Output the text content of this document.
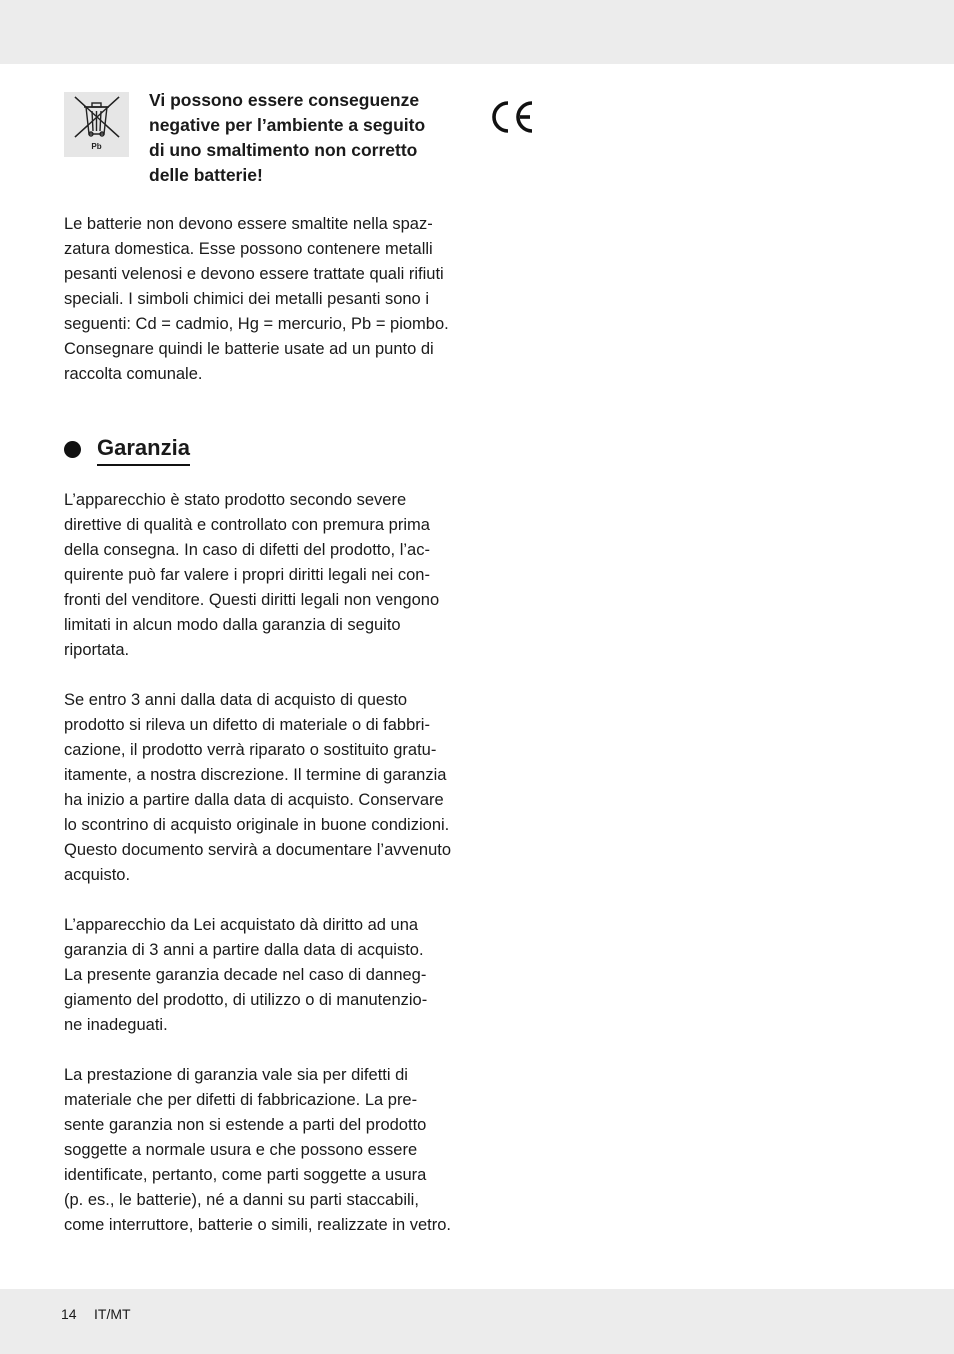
Pb

Vi possono essere conseguenze
negative per l’ambiente a seguito
di uno smaltimento non corretto
delle batterie!

Le batterie non devono essere smaltite nella spaz-
zatura domestica. Esse possono contenere metalli
pesanti velenosi e devono essere trattate quali rifiuti
speciali. I simboli chimici dei metalli pesanti sono i
seguenti: Cd = cadmio, Hg = mercurio, Pb = piombo.
Consegnare quindi le batterie usate ad un punto di
raccolta comunale.

Garanzia

L’apparecchio è stato prodotto secondo severe
direttive di qualità e controllato con premura prima
della consegna. In caso di difetti del prodotto, l’ac-
quirente può far valere i propri diritti legali nei con-
fronti del venditore. Questi diritti legali non vengono
limitati in alcun modo dalla garanzia di seguito
riportata.

Se entro 3 anni dalla data di acquisto di questo
prodotto si rileva un difetto di materiale o di fabbri-
cazione, il prodotto verrà riparato o sostituito gratu-
itamente, a nostra discrezione. Il termine di garanzia
ha inizio a partire dalla data di acquisto. Conservare
lo scontrino di acquisto originale in buone condizioni.
Questo documento servirà a documentare l’avvenuto
acquisto.

L’apparecchio da Lei acquistato dà diritto ad una
garanzia di 3 anni a partire dalla data di acquisto.
La presente garanzia decade nel caso di danneg-
giamento del prodotto, di utilizzo o di manutenzio-
ne inadeguati.

La prestazione di garanzia vale sia per difetti di
materiale che per difetti di fabbricazione. La pre-
sente garanzia non si estende a parti del prodotto
soggette a normale usura e che possono essere
identificate, pertanto, come parti soggette a usura
(p. es., le batterie), né a danni su parti staccabili,
come interruttore, batterie o simili, realizzate in vetro.

14 IT/MT
